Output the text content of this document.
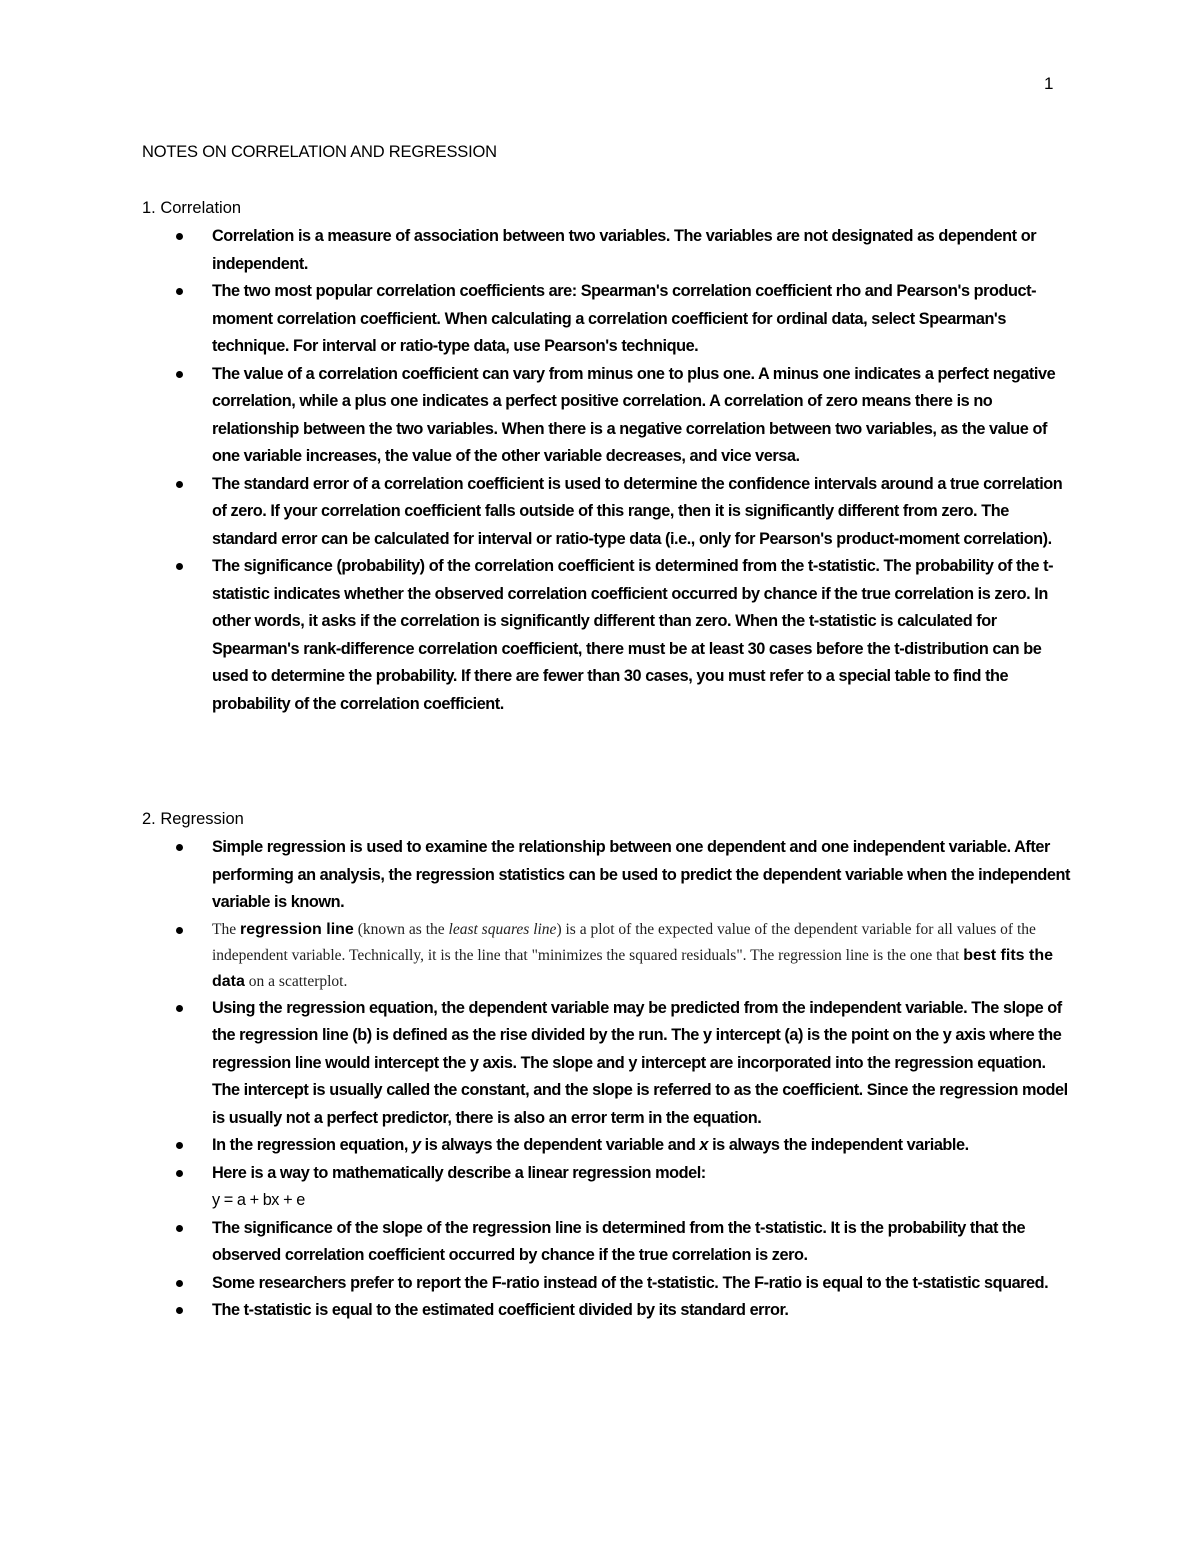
1
NOTES ON CORRELATION AND REGRESSION
1. Correlation
Correlation is a measure of association between two variables. The variables are not designated as dependent or independent.
The two most popular correlation coefficients are: Spearman's correlation coefficient rho and Pearson's product-moment correlation coefficient. When calculating a correlation coefficient for ordinal data, select Spearman's technique. For interval or ratio-type data, use Pearson's technique.
The value of a correlation coefficient can vary from minus one to plus one. A minus one indicates a perfect negative correlation, while a plus one indicates a perfect positive correlation. A correlation of zero means there is no relationship between the two variables. When there is a negative correlation between two variables, as the value of one variable increases, the value of the other variable decreases, and vice versa.
The standard error of a correlation coefficient is used to determine the confidence intervals around a true correlation of zero. If your correlation coefficient falls outside of this range, then it is significantly different from zero. The standard error can be calculated for interval or ratio-type data (i.e., only for Pearson's product-moment correlation).
The significance (probability) of the correlation coefficient is determined from the t-statistic. The probability of the t-statistic indicates whether the observed correlation coefficient occurred by chance if the true correlation is zero. In other words, it asks if the correlation is significantly different than zero. When the t-statistic is calculated for Spearman's rank-difference correlation coefficient, there must be at least 30 cases before the t-distribution can be used to determine the probability. If there are fewer than 30 cases, you must refer to a special table to find the probability of the correlation coefficient.
2. Regression
Simple regression is used to examine the relationship between one dependent and one independent variable. After performing an analysis, the regression statistics can be used to predict the dependent variable when the independent variable is known.
The regression line (known as the least squares line) is a plot of the expected value of the dependent variable for all values of the independent variable. Technically, it is the line that "minimizes the squared residuals". The regression line is the one that best fits the data on a scatterplot.
Using the regression equation, the dependent variable may be predicted from the independent variable. The slope of the regression line (b) is defined as the rise divided by the run. The y intercept (a) is the point on the y axis where the regression line would intercept the y axis. The slope and y intercept are incorporated into the regression equation. The intercept is usually called the constant, and the slope is referred to as the coefficient. Since the regression model is usually not a perfect predictor, there is also an error term in the equation.
In the regression equation, y is always the dependent variable and x is always the independent variable.
Here is a way to mathematically describe a linear regression model:
y = a + bx + e
The significance of the slope of the regression line is determined from the t-statistic. It is the probability that the observed correlation coefficient occurred by chance if the true correlation is zero.
Some researchers prefer to report the F-ratio instead of the t-statistic. The F-ratio is equal to the t-statistic squared.
The t-statistic is equal to the estimated coefficient divided by its standard error.
